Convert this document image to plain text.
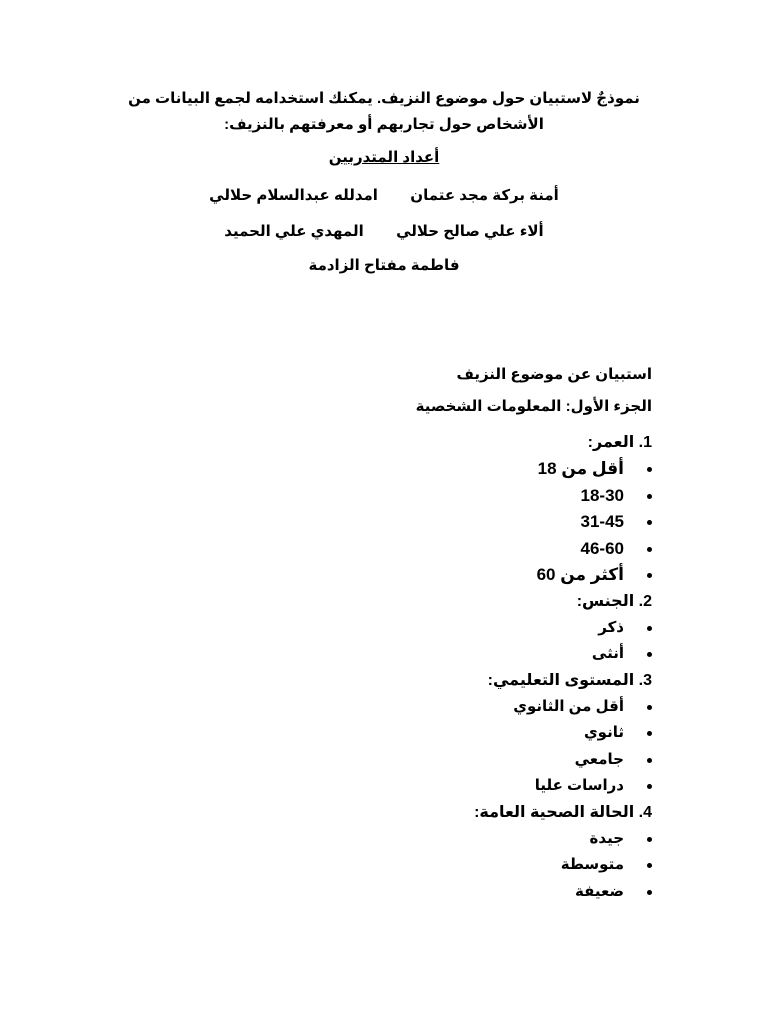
نموذجٌ لاستبيان حول موضوع النزيف. يمكنك استخدامه لجمع البيانات من
الأشخاص حول تجاربهم أو معرفتهم بالنزيف:
أعداد المتدربين
أمنة بركة مجد عتمان  امدلله عبدالسلام حلالي
ألاء علي صالح حلالي  المهدي علي الحميد
فاطمة مفتاح الزادمة
استبيان عن موضوع النزيف
الجزء الأول: المعلومات الشخصية
1. العمر:
أقل من 18
18-30
31-45
46-60
أكثر من 60
2. الجنس:
ذكر
أنثى
3. المستوى التعليمي:
أقل من الثانوي
ثانوي
جامعي
دراسات عليا
4. الحالة الصحية العامة:
جيدة
متوسطة
ضعيفة
